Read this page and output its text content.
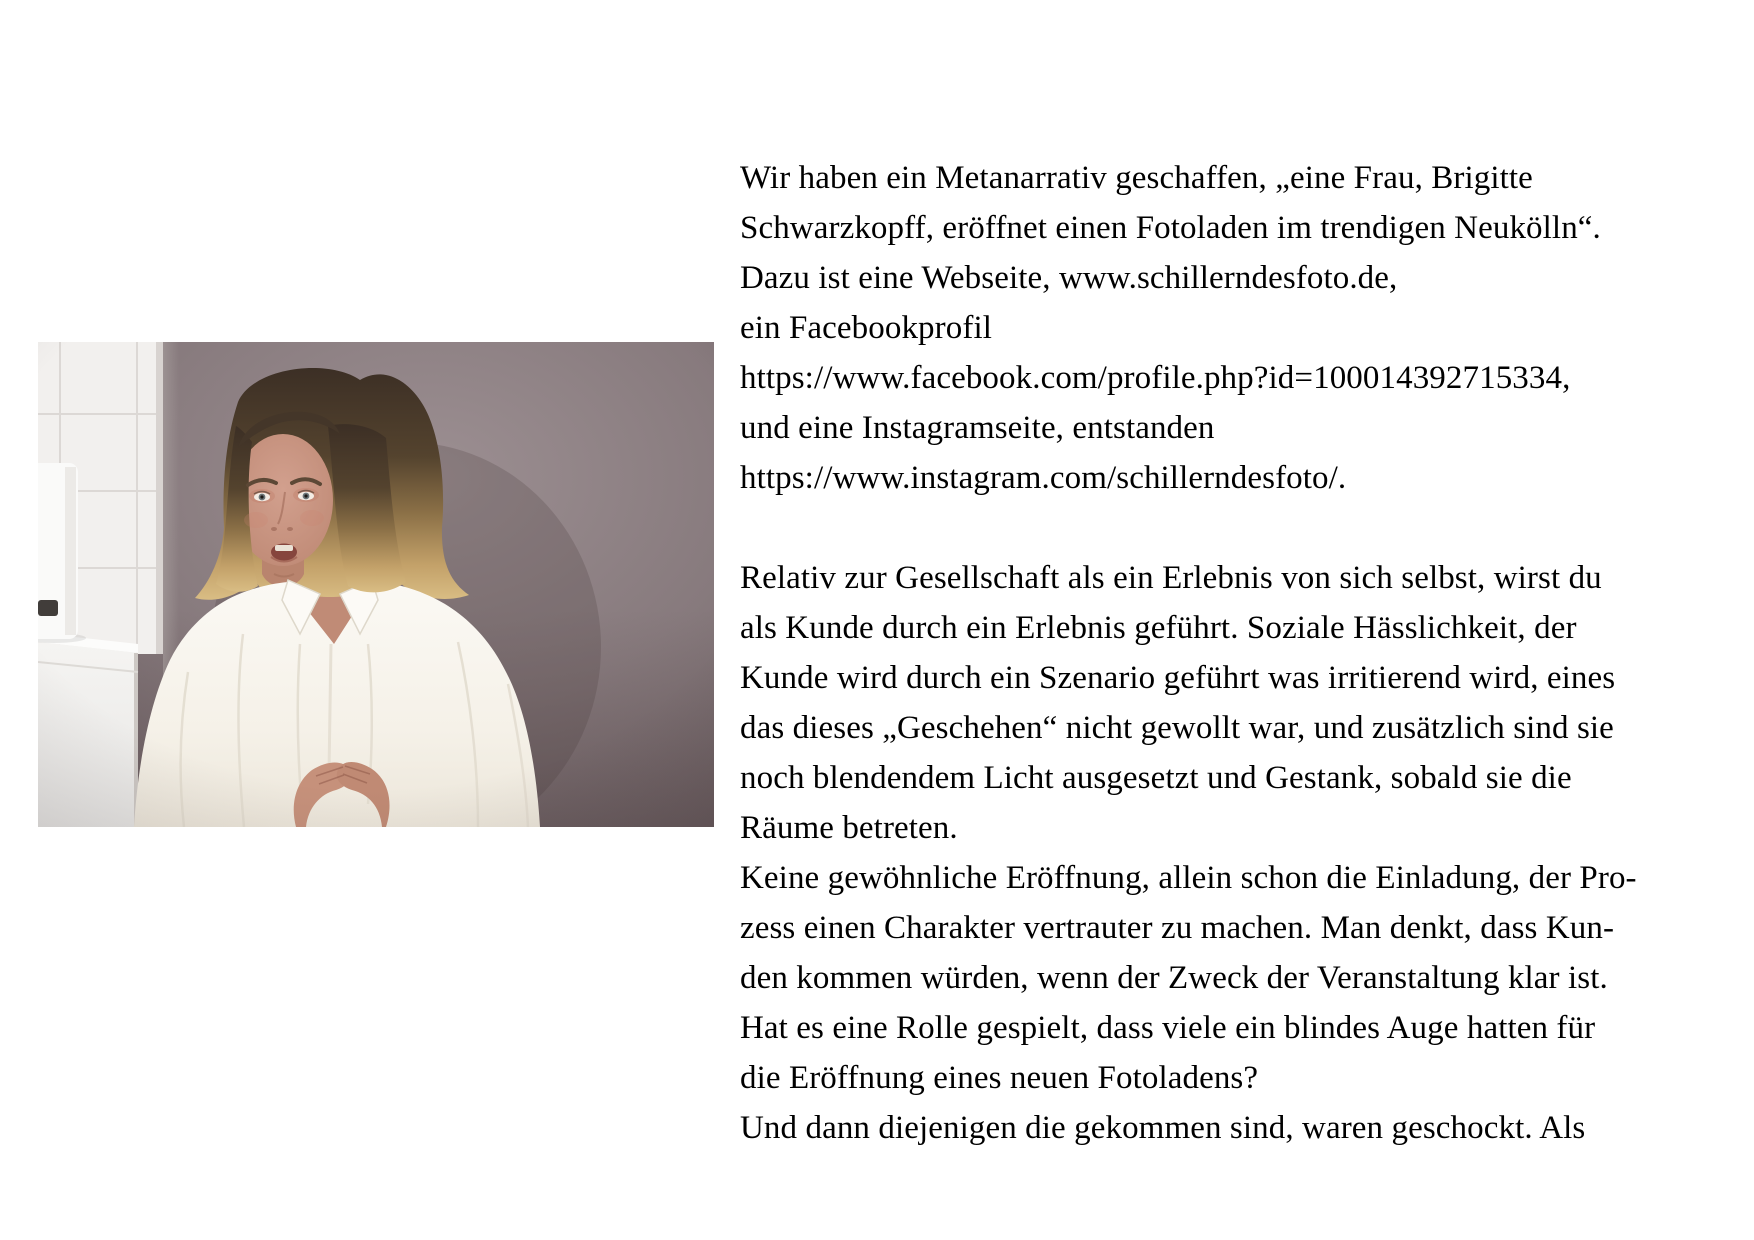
Wir haben ein Metanarrativ geschaffen, „eine Frau, Brigitte
Schwarzkopff, eröffnet einen Fotoladen im trendigen Neukölln“.
Dazu ist eine Webseite, www.schillerndesfoto.de,
ein Facebookprofil
https://www.facebook.com/profile.php?id=100014392715334,
und eine Instagramseite, entstanden
https://www.instagram.com/schillerndesfoto/.
Relativ zur Gesellschaft als ein Erlebnis von sich selbst, wirst du
als Kunde durch ein Erlebnis geführt. Soziale Hässlichkeit, der
Kunde wird durch ein Szenario geführt was irritierend wird, eines
das dieses „Geschehen“ nicht gewollt war, und zusätzlich sind sie
noch blendendem Licht ausgesetzt und Gestank, sobald sie die
Räume betreten.
Keine gewöhnliche Eröffnung, allein schon die Einladung, der Pro-
zess einen Charakter vertrauter zu machen. Man denkt, dass Kun-
den kommen würden, wenn der Zweck der Veranstaltung klar ist.
Hat es eine Rolle gespielt, dass viele ein blindes Auge hatten für
die Eröffnung eines neuen Fotoladens?
Und dann diejenigen die gekommen sind, waren geschockt. Als
